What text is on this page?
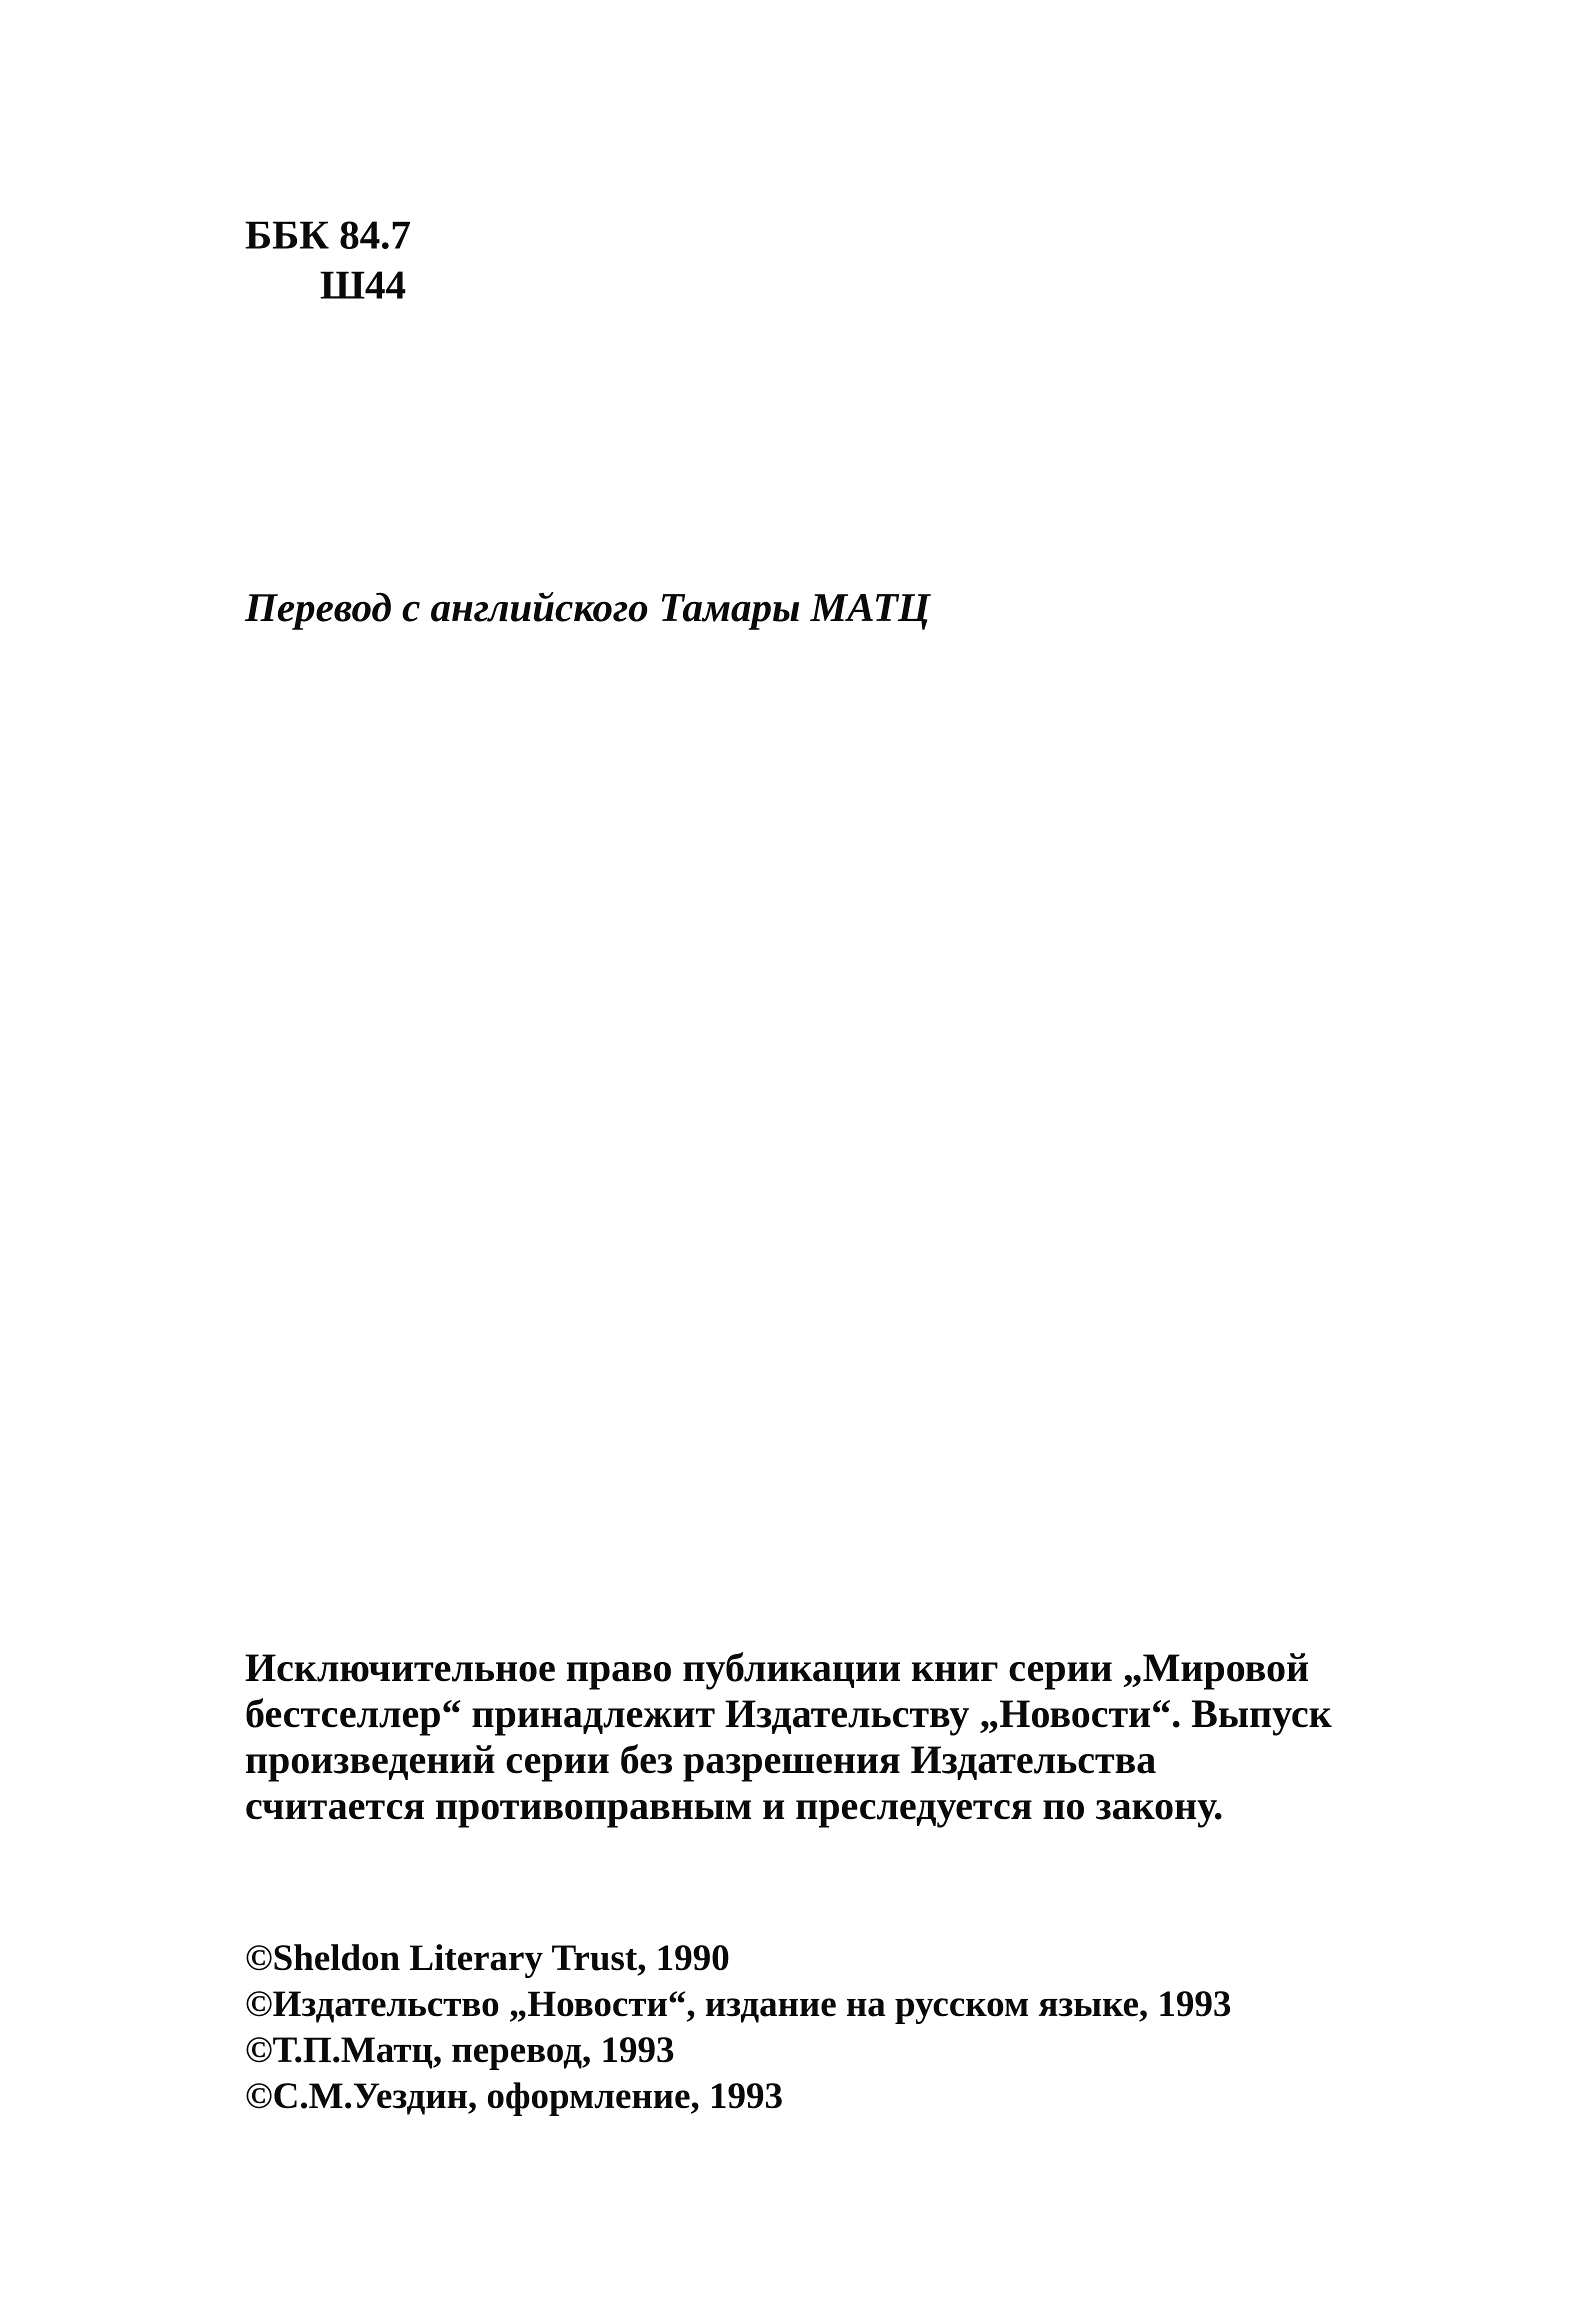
ББК 84.7
Ш44
Перевод с английского Тамары МАТЦ
Исключительное право публикации книг серии „Мировой
бестселлер“ принадлежит Издательству „Новости“. Выпуск
произведений серии без разрешения Издательства
считается противоправным и преследуется по закону.
©Sheldon Literary Trust, 1990
©Издательство „Новости“, издание на русском языке, 1993
©Т.П.Матц, перевод, 1993
©С.М.Уездин, оформление, 1993
